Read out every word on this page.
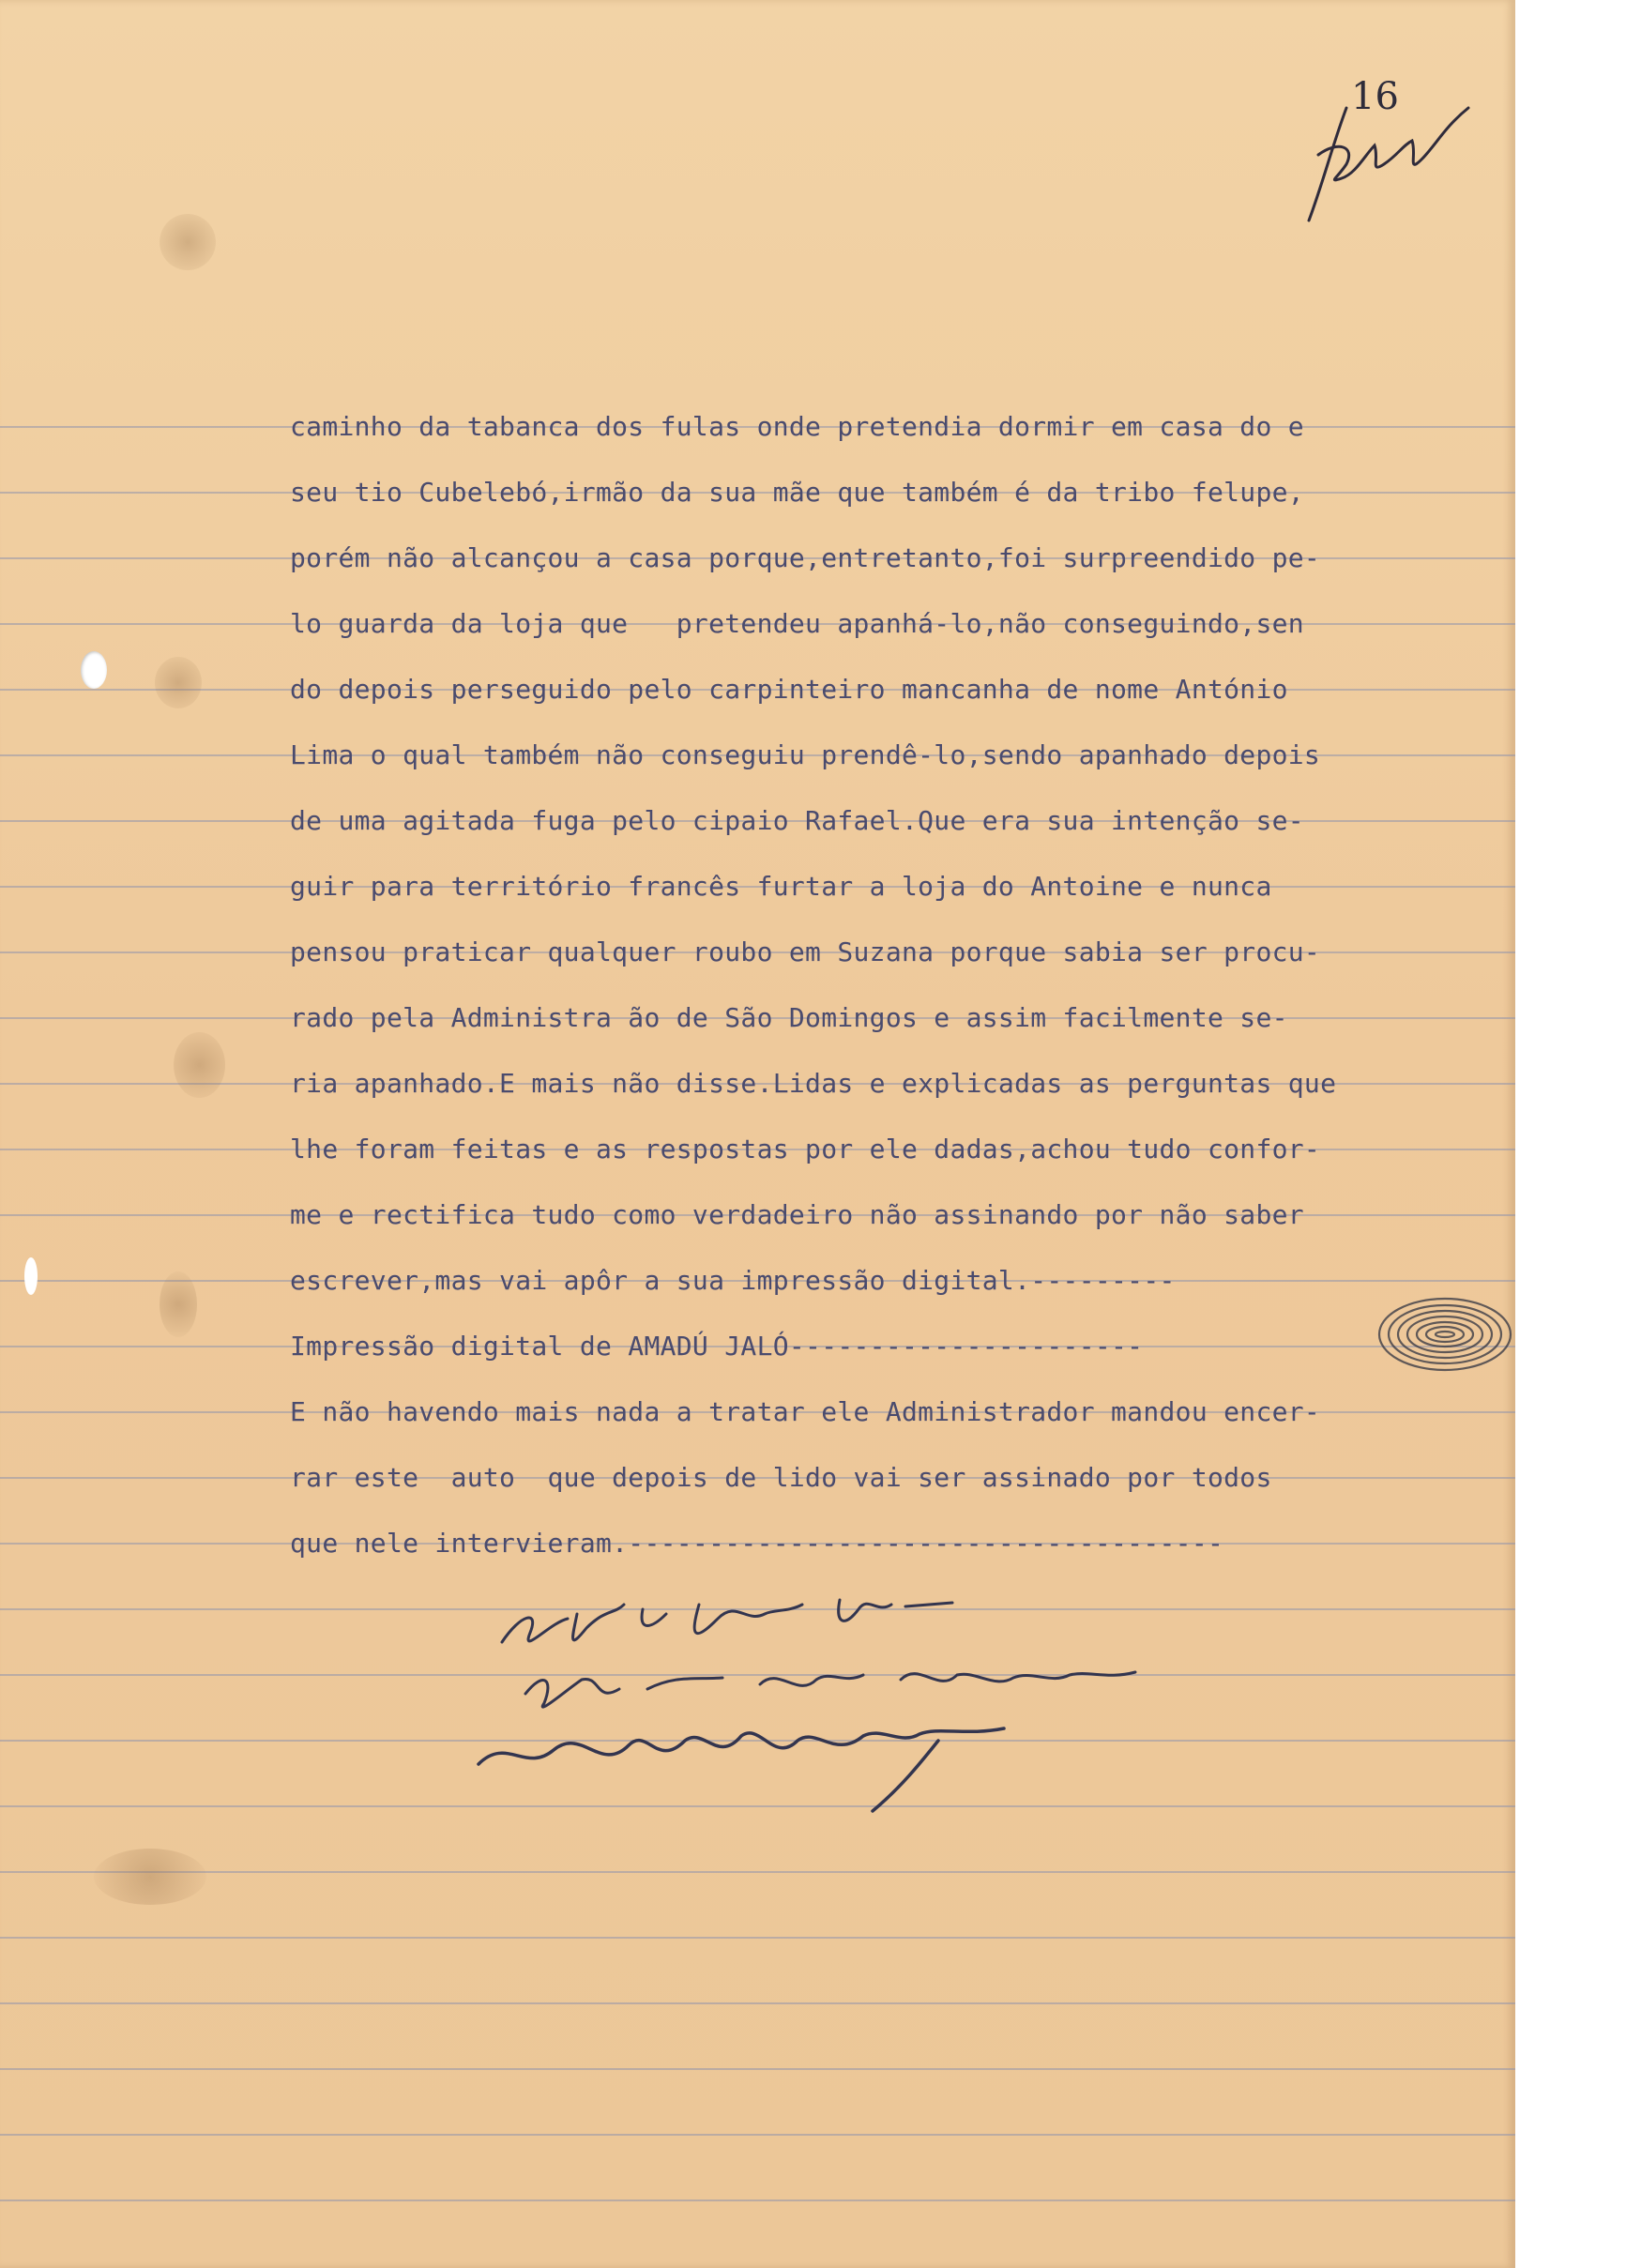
16
caminho da tabanca dos fulas onde pretendia dormir em casa do e
seu tio Cubelebó,irmão da sua mãe que também é da tribo felupe,
porém não alcançou a casa porque,entretanto,foi surpreendido pe-
lo guarda da loja que   pretendeu apanhá-lo,não conseguindo,sen
do depois perseguido pelo carpinteiro mancanha de nome António
Lima o qual também não conseguiu prendê-lo,sendo apanhado depois
de uma agitada fuga pelo cipaio Rafael.Que era sua intenção se-
guir para território francês furtar a loja do Antoine e nunca
pensou praticar qualquer roubo em Suzana porque sabia ser procu-
rado pela Administra ão de São Domingos e assim facilmente se-
ria apanhado.E mais não disse.Lidas e explicadas as perguntas que
lhe foram feitas e as respostas por ele dadas,achou tudo confor-
me e rectifica tudo como verdadeiro não assinando por não saber
escrever,mas vai apôr a sua impressão digital.---------
Impressão digital de AMADÚ JALÓ----------------------
E não havendo mais nada a tratar ele Administrador mandou encer-
rar este  auto  que depois de lido vai ser assinado por todos
que nele intervieram.-------------------------------------
